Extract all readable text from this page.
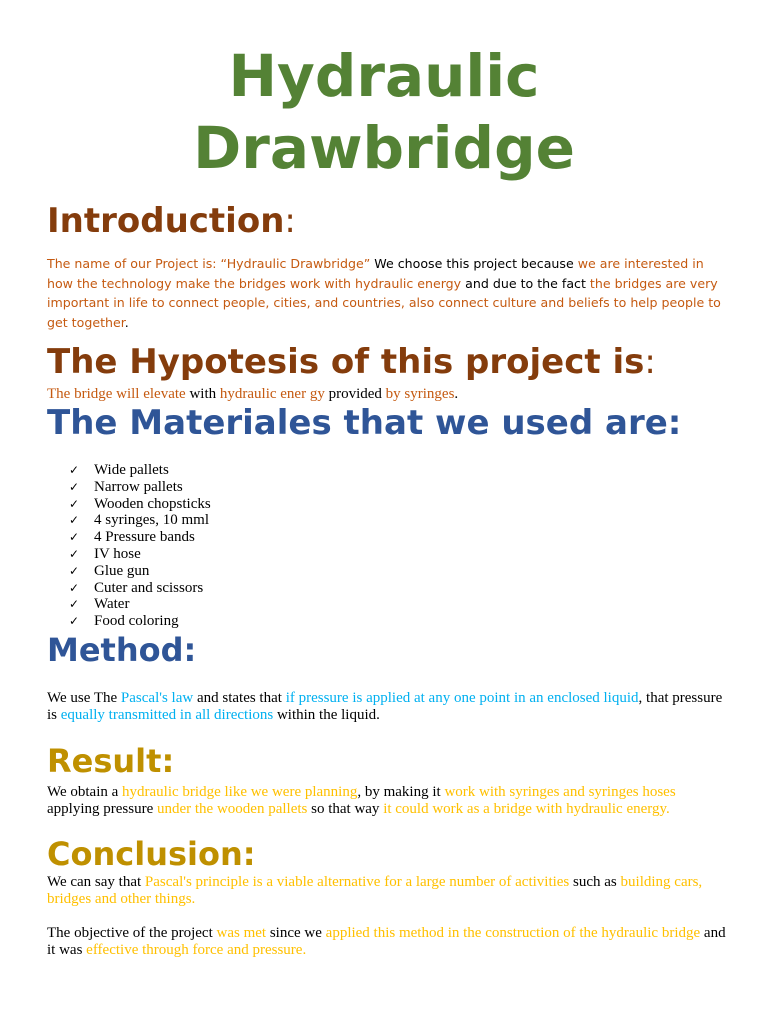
Hydraulic
Drawbridge
Introduction:
The name of our Project is: “Hydraulic Drawbridge” We choose this project because we are interested in how the technology make the bridges work with hydraulic energy and due to the fact the bridges are very important in life to connect people, cities, and countries, also connect culture and beliefs to help people to get together.
The Hypotesis of this project is:
The bridge will elevate with hydraulic ener gy provided by syringes.
The Materiales that we used are:
✓ Wide pallets
✓ Narrow pallets
✓ Wooden chopsticks
✓ 4 syringes, 10 mml
✓ 4 Pressure bands
✓ IV hose
✓ Glue gun
✓ Cuter and scissors
✓ Water
✓ Food coloring
Method:
We use The Pascal's law and states that if pressure is applied at any one point in an enclosed liquid, that pressure is equally transmitted in all directions within the liquid.
Result:
We obtain a hydraulic bridge like we were planning, by making it work with syringes and syringes hoses applying pressure under the wooden pallets so that way it could work as a bridge with hydraulic energy.
Conclusion:
We can say that Pascal's principle is a viable alternative for a large number of activities such as building cars, bridges and other things.
The objective of the project was met since we applied this method in the construction of the hydraulic bridge and it was effective through force and pressure.
